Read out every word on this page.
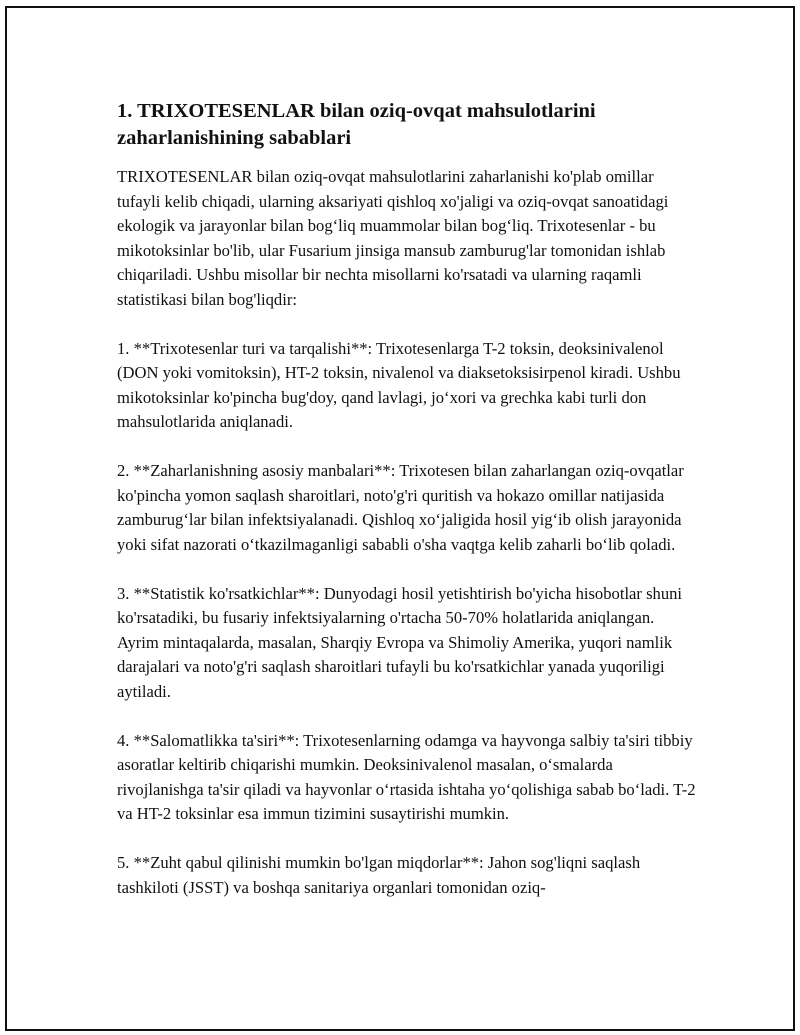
1. TRIXOTESENLAR bilan oziq-ovqat mahsulotlarini zaharlanishining sabablari

TRIXOTESENLAR bilan oziq-ovqat mahsulotlarini zaharlanishi ko'plab omillar tufayli kelib chiqadi, ularning aksariyati qishloq xo'jaligi va oziq-ovqat sanoatidagi ekologik va jarayonlar bilan bog‘liq muammolar bilan bog‘liq. Trixotesenlar - bu mikotoksinlar bo'lib, ular Fusarium jinsiga mansub zamburug'lar tomonidan ishlab chiqariladi. Ushbu misollar bir nechta misollarni ko'rsatadi va ularning raqamli statistikasi bilan bog'liqdir:

1. **Trixotesenlar turi va tarqalishi**: Trixotesenlarga T-2 toksin, deoksinivalenol (DON yoki vomitoksin), HT-2 toksin, nivalenol va diaksetoksisirpenol kiradi. Ushbu mikotoksinlar ko'pincha bug'doy, qand lavlagi, jo‘xori va grechka kabi turli don mahsulotlarida aniqlanadi.

2. **Zaharlanishning asosiy manbalari**: Trixotesen bilan zaharlangan oziq-ovqatlar ko'pincha yomon saqlash sharoitlari, noto'g'ri quritish va hokazo omillar natijasida zamburug‘lar bilan infektsiyalanadi. Qishloq xo‘jaligida hosil yig‘ib olish jarayonida yoki sifat nazorati o‘tkazilmaganligi sababli o'sha vaqtga kelib zaharli bo‘lib qoladi.

3. **Statistik ko'rsatkichlar**: Dunyodagi hosil yetishtirish bo'yicha hisobotlar shuni ko'rsatadiki, bu fusariy infektsiyalarning o'rtacha 50-70% holatlarida aniqlangan. Ayrim mintaqalarda, masalan, Sharqiy Evropa va Shimoliy Amerika, yuqori namlik darajalari va noto'g'ri saqlash sharoitlari tufayli bu ko'rsatkichlar yanada yuqoriligi aytiladi.

4. **Salomatlikka ta'siri**: Trixotesenlarning odamga va hayvonga salbiy ta'siri tibbiy asoratlar keltirib chiqarishi mumkin. Deoksinivalenol masalan, o‘smalarda rivojlanishga ta'sir qiladi va hayvonlar o‘rtasida ishtaha yo‘qolishiga sabab bo‘ladi. T-2 va HT-2 toksinlar esa immun tizimini susaytirishi mumkin.

5. **Zuht qabul qilinishi mumkin bo'lgan miqdorlar**: Jahon sog'liqni saqlash tashkiloti (JSST) va boshqa sanitariya organlari tomonidan oziq-
